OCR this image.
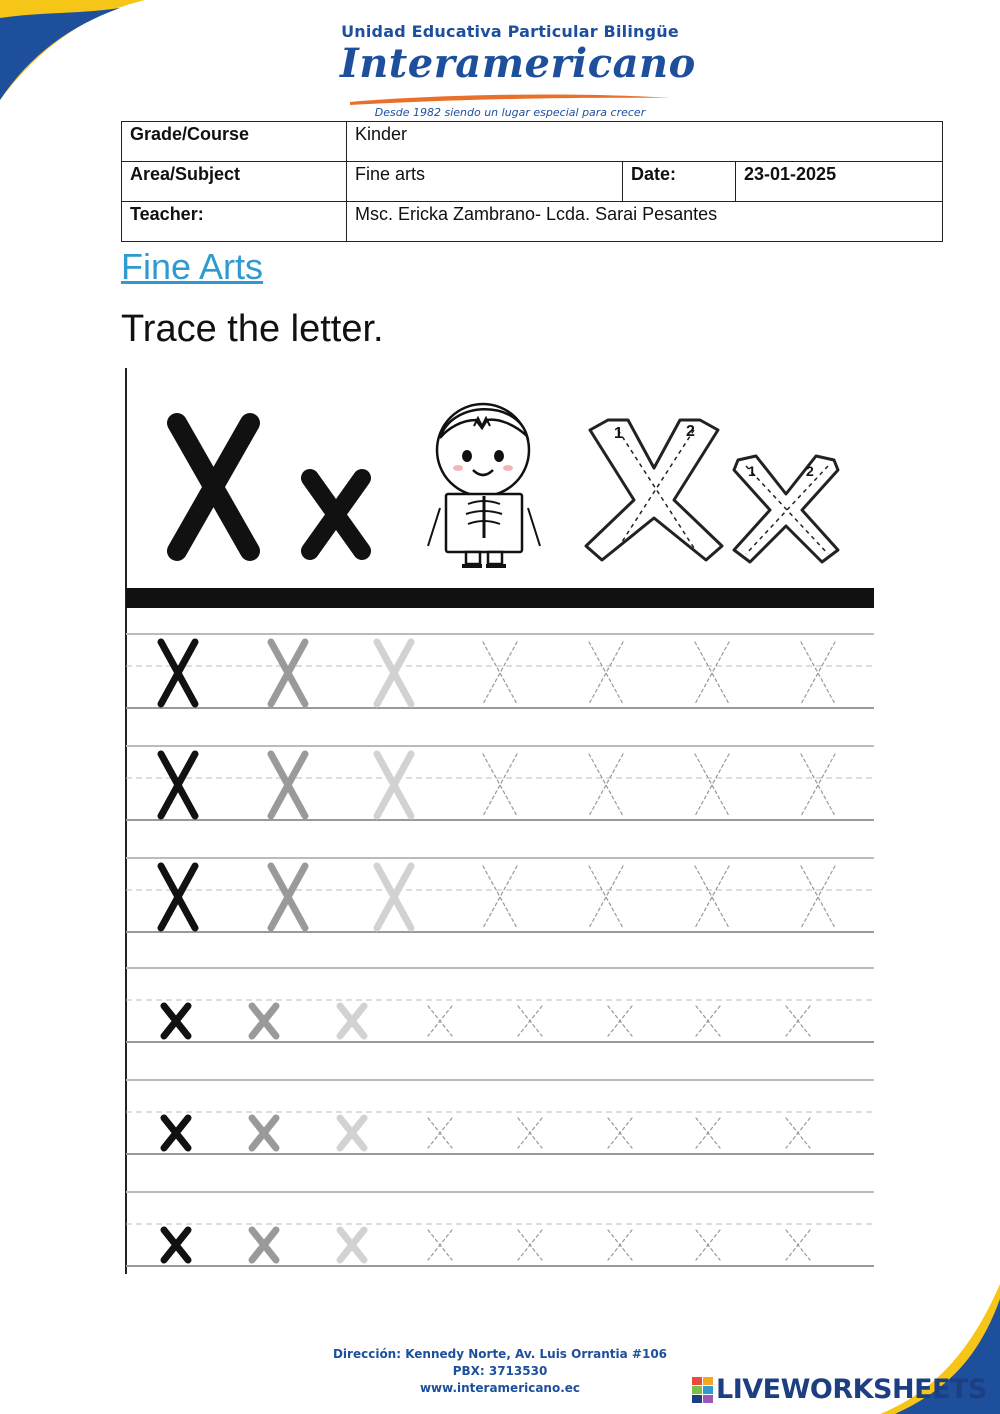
Unidad Educativa Particular Bilingüe
Interamericano
Desde 1982 siendo un lugar especial para crecer
Grade/Course	Kinder		
Area/Subject	Fine arts	Date:	23-01-2025
Teacher:	Msc. Ericka Zambrano- Lcda. Sarai Pesantes		
Fine Arts
Trace the letter.
1	2
1	2
Dirección: Kennedy Norte, Av. Luis Orrantia #106
PBX: 3713530
www.interamericano.ec	LIVEWORKSHEETS
